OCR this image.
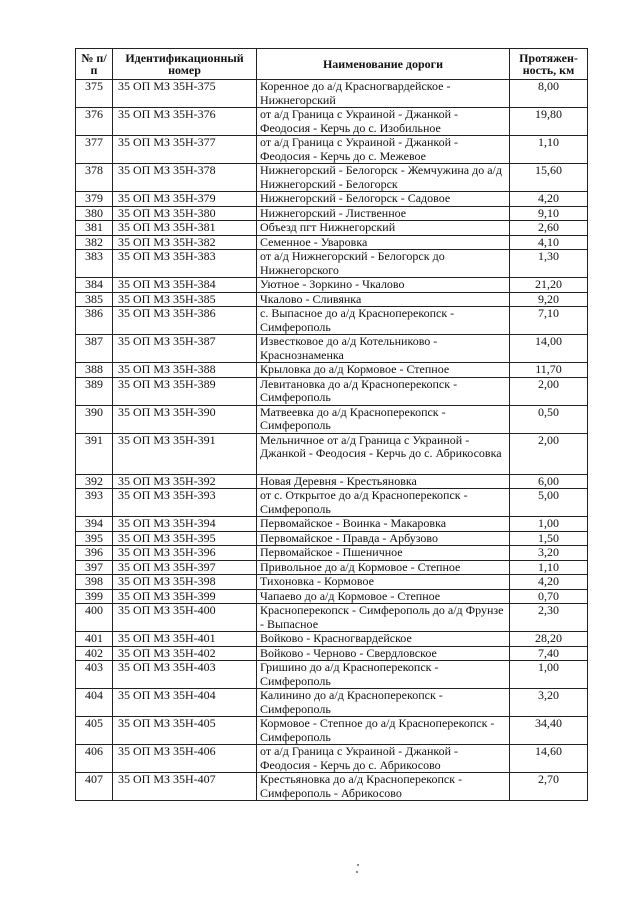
№ п/п	Идентификационный номер	Наименование дороги	Протяжен-ность, км
375	35 ОП МЗ 35Н-375	Коренное до а/д Красногвардейское - Нижнегорский	8,00
376	35 ОП МЗ 35Н-376	от а/д Граница с Украиной - Джанкой - Феодосия - Керчь до с. Изобильное	19,80
377	35 ОП МЗ 35Н-377	от а/д Граница с Украиной - Джанкой - Феодосия - Керчь до с. Межевое	1,10
378	35 ОП МЗ 35Н-378	Нижнегорский - Белогорск - Жемчужина до а/д Нижнегорский - Белогорск	15,60
379	35 ОП МЗ 35Н-379	Нижнегорский - Белогорск - Садовое	4,20
380	35 ОП МЗ 35Н-380	Нижнегорский - Лиственное	9,10
381	35 ОП МЗ 35Н-381	Объезд пгт Нижнегорский	2,60
382	35 ОП МЗ 35Н-382	Семенное - Уваровка	4,10
383	35 ОП МЗ 35Н-383	от а/д Нижнегорский - Белогорск до Нижнегорского	1,30
384	35 ОП МЗ 35Н-384	Уютное - Зоркино - Чкалово	21,20
385	35 ОП МЗ 35Н-385	Чкалово - Сливянка	9,20
386	35 ОП МЗ 35Н-386	с. Выпасное до а/д Красноперекопск - Симферополь	7,10
387	35 ОП МЗ 35Н-387	Известковое до а/д Котельниково - Краснознаменка	14,00
388	35 ОП МЗ 35Н-388	Крыловка до а/д Кормовое - Степное	11,70
389	35 ОП МЗ 35Н-389	Левитановка до а/д Красноперекопск - Симферополь	2,00
390	35 ОП МЗ 35Н-390	Матвеевка до а/д Красноперекопск - Симферополь	0,50
391	35 ОП МЗ 35Н-391	Мельничное от а/д Граница с Украиной - Джанкой - Феодосия - Керчь до с. Абрикосовка	2,00
392	35 ОП МЗ 35Н-392	Новая Деревня - Крестьяновка	6,00
393	35 ОП МЗ 35Н-393	от с. Открытое до а/д Красноперекопск - Симферополь	5,00
394	35 ОП МЗ 35Н-394	Первомайское - Воинка - Макаровка	1,00
395	35 ОП МЗ 35Н-395	Первомайское - Правда - Арбузово	1,50
396	35 ОП МЗ 35Н-396	Первомайское - Пшеничное	3,20
397	35 ОП МЗ 35Н-397	Привольное до а/д Кормовое - Степное	1,10
398	35 ОП МЗ 35Н-398	Тихоновка - Кормовое	4,20
399	35 ОП МЗ 35Н-399	Чапаево до а/д Кормовое - Степное	0,70
400	35 ОП МЗ 35Н-400	Красноперекопск - Симферополь до а/д Фрунзе - Выпасное	2,30
401	35 ОП МЗ 35Н-401	Войково - Красногвардейское	28,20
402	35 ОП МЗ 35Н-402	Войково - Черново - Свердловское	7,40
403	35 ОП МЗ 35Н-403	Гришино до а/д Красноперекопск - Симферополь	1,00
404	35 ОП МЗ 35Н-404	Калинино до а/д Красноперекопск - Симферополь	3,20
405	35 ОП МЗ 35Н-405	Кормовое - Степное до а/д Красноперекопск - Симферополь	34,40
406	35 ОП МЗ 35Н-406	от а/д Граница с Украиной - Джанкой - Феодосия - Керчь до с. Абрикосово	14,60
407	35 ОП МЗ 35Н-407	Крестьяновка до а/д Красноперекопск - Симферополь - Абрикосово	2,70
